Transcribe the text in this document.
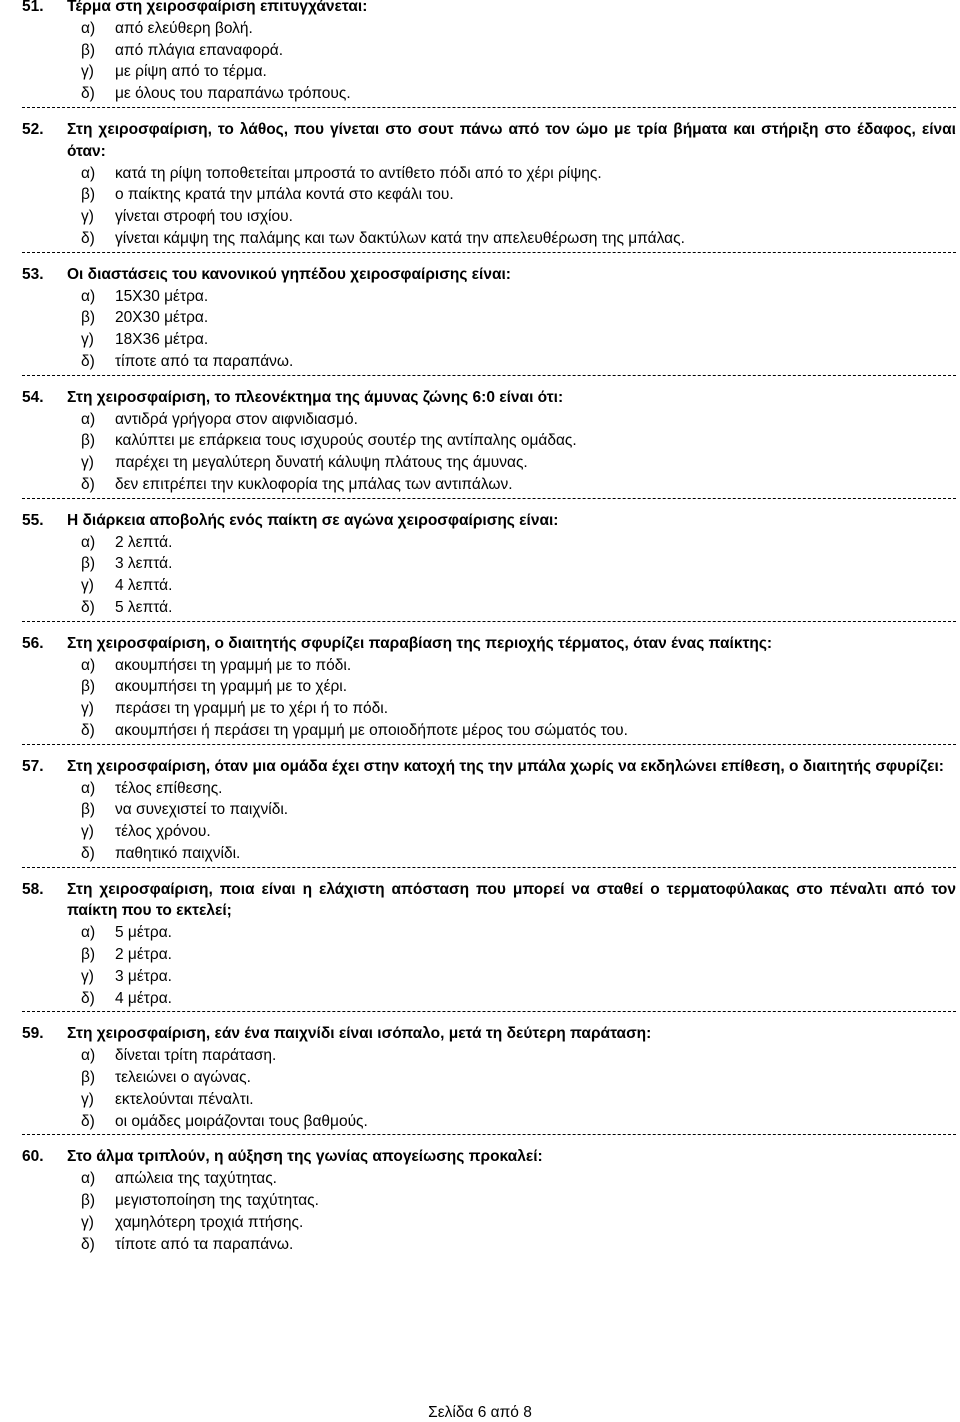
51.	Τέρμα στη χειροσφαίριση επιτυγχάνεται:
α)	από ελεύθερη βολή.
β)	από πλάγια επαναφορά.
γ)	με ρίψη από το τέρμα.
δ)	με όλους του παραπάνω τρόπους.
52.	Στη χειροσφαίριση, το λάθος, που γίνεται στο σουτ πάνω από τον ώμο με τρία βήματα και στήριξη στο έδαφος, είναι όταν:
α)	κατά τη ρίψη τοποθετείται μπροστά το αντίθετο πόδι από το χέρι ρίψης.
β)	ο παίκτης κρατά την μπάλα κοντά στο κεφάλι του.
γ)	γίνεται στροφή του ισχίου.
δ)	γίνεται κάμψη της παλάμης και των δακτύλων κατά την απελευθέρωση της μπάλας.
53.	Οι διαστάσεις του κανονικού γηπέδου χειροσφαίρισης είναι:
α)	15Χ30 μέτρα.
β)	20Χ30 μέτρα.
γ)	18Χ36 μέτρα.
δ)	τίποτε από τα παραπάνω.
54.	Στη χειροσφαίριση, το πλεονέκτημα της άμυνας ζώνης 6:0 είναι ότι:
α)	αντιδρά γρήγορα στον αιφνιδιασμό.
β)	καλύπτει με επάρκεια τους ισχυρούς σουτέρ της αντίπαλης ομάδας.
γ)	παρέχει τη μεγαλύτερη δυνατή κάλυψη πλάτους της άμυνας.
δ)	δεν επιτρέπει την κυκλοφορία της μπάλας των αντιπάλων.
55.	Η διάρκεια αποβολής ενός παίκτη σε αγώνα χειροσφαίρισης είναι:
α)	2 λεπτά.
β)	3 λεπτά.
γ)	4 λεπτά.
δ)	5 λεπτά.
56.	Στη χειροσφαίριση, ο διαιτητής σφυρίζει παραβίαση της περιοχής τέρματος, όταν ένας παίκτης:
α)	ακουμπήσει τη γραμμή με το πόδι.
β)	ακουμπήσει τη γραμμή με το χέρι.
γ)	περάσει τη γραμμή με το χέρι ή το πόδι.
δ)	ακουμπήσει ή περάσει τη γραμμή με οποιοδήποτε μέρος του σώματός του.
57.	Στη χειροσφαίριση, όταν μια ομάδα έχει στην κατοχή της την μπάλα χωρίς να εκδηλώνει επίθεση, ο διαιτητής σφυρίζει:
α)	τέλος επίθεσης.
β)	να συνεχιστεί το παιχνίδι.
γ)	τέλος χρόνου.
δ)	παθητικό παιχνίδι.
58.	Στη χειροσφαίριση, ποια είναι η ελάχιστη απόσταση που μπορεί να σταθεί ο τερματοφύλακας στο πέναλτι από τον παίκτη που το εκτελεί;
α)	5 μέτρα.
β)	2 μέτρα.
γ)	3 μέτρα.
δ)	4 μέτρα.
59.	Στη χειροσφαίριση, εάν ένα παιχνίδι είναι ισόπαλο, μετά τη δεύτερη παράταση:
α)	δίνεται τρίτη παράταση.
β)	τελειώνει ο αγώνας.
γ)	εκτελούνται πέναλτι.
δ)	οι ομάδες μοιράζονται τους βαθμούς.
60.	Στο άλμα τριπλούν, η αύξηση της γωνίας απογείωσης προκαλεί:
α)	απώλεια της ταχύτητας.
β)	μεγιστοποίηση της ταχύτητας.
γ)	χαμηλότερη τροχιά πτήσης.
δ)	τίποτε από τα παραπάνω.
Σελίδα 6 από 8
